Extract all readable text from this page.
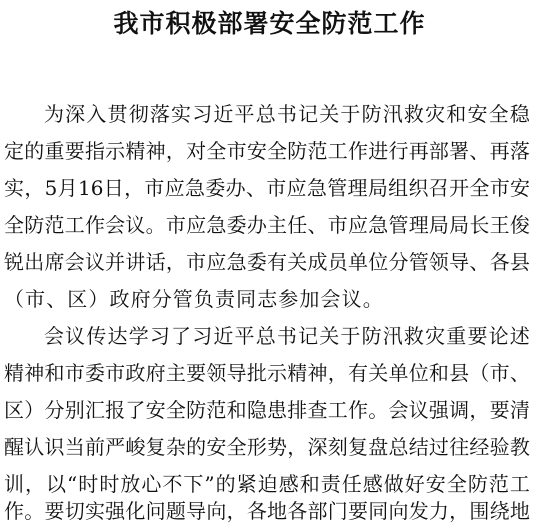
我市积极部署安全防范工作
为 深 入 贯 彻 落 实 习 近 平 总 书 记 关 于 防 汛 救 灾 和 安 全 稳
定 的 重 要 指 示 精 神 ， 对 全 市 安 全 防 范 工 作 进 行 再 部 署 、 再 落
实 ， 5 月 16 日 ， 市 应 急 委 办 、 市 应 急 管 理 局 组 织 召 开 全 市 安
全 防 范 工 作 会 议 。 市 应 急 委 办 主 任 、 市 应 急 管 理 局 局 长 王 俊
锐 出 席 会 议 并 讲 话 ， 市 应 急 委 有 关 成 员 单 位 分 管 领 导 、 各 县
（市、区）政府分管负责同志参加会议。
会 议 传 达 学 习 了 习 近 平 总 书 记 关 于 防 汛 救 灾 重 要 论 述
精 神 和 市 委 市 政 府 主 要 领 导 批 示 精 神 ， 有 关 单 位 和 县 （ 市 、
区 ） 分 别 汇 报 了 安 全 防 范 和 隐 患 排 查 工 作 。 会 议 强 调 ， 要 清
醒 认 识 当 前 严 峻 复 杂 的 安 全 形 势 ， 深 刻 复 盘 总 结 过 往 经 验 教
训 ， 以 “ 时 时 放 心 不 下 ” 的 紧 迫 感 和 责 任 感 做 好 安 全 防 范 工
作 。 要 切 实 强 化 问 题 导 向 ， 各 地 各 部 门 要 同 向 发 力 ， 围 绕 地
